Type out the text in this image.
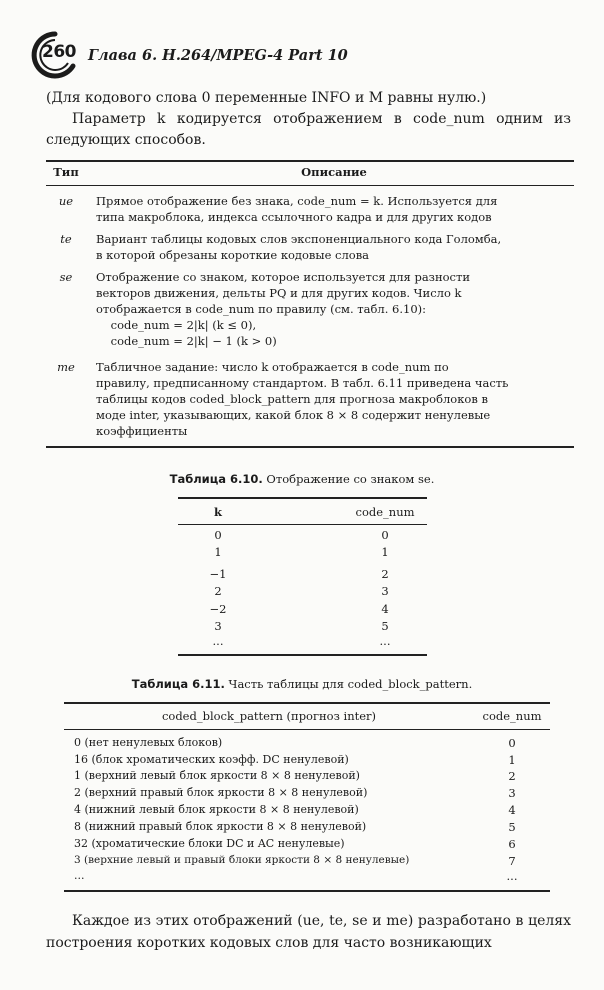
260 Глава 6. H.264/MPEG-4 Part 10
(Для кодового слова 0 переменные INFO и M равны нулю.)
Параметр k кодируется отображением в code_num одним из следующих способов.
Тип	Описание
ue	Прямое отображение без знака, code_num = k. Используется для
типа макроблока, индекса ссылочного кадра и для других кодов
te	Вариант таблицы кодовых слов экспоненциального кода Голомба,
в которой обрезаны короткие кодовые слова
se	Отображение со знаком, которое используется для разности
векторов движения, дельты PQ и для других кодов. Число k
отображается в code_num по правилу (см. табл. 6.10):
code_num = 2|k| (k ≤ 0),
code_num = 2|k| − 1 (k > 0)
me	Табличное задание: число k отображается в code_num по
правилу, предписанному стандартом. В табл. 6.11 приведена часть
таблицы кодов coded_block_pattern для прогноза макроблоков в
моде inter, указывающих, какой блок 8 × 8 содержит ненулевые
коэффициенты
Таблица 6.10. Отображение со знаком se.
k	code_num
0	0
1	1
−1	2
2	3
−2	4
3	5
...	...
Таблица 6.11. Часть таблицы для coded_block_pattern.
coded_block_pattern (прогноз inter)	code_num
0 (нет ненулевых блоков)	0
16 (блок хроматических коэфф. DC ненулевой)	1
1 (верхний левый блок яркости 8 × 8 ненулевой)	2
2 (верхний правый блок яркости 8 × 8 ненулевой)	3
4 (нижний левый блок яркости 8 × 8 ненулевой)	4
8 (нижний правый блок яркости 8 × 8 ненулевой)	5
32 (хроматические блоки DC и AC ненулевые)	6
3 (верхние левый и правый блоки яркости 8 × 8 ненулевые)	7
...	...
Каждое из этих отображений (ue, te, se и me) разработано в целях построения коротких кодовых слов для часто возникающих
